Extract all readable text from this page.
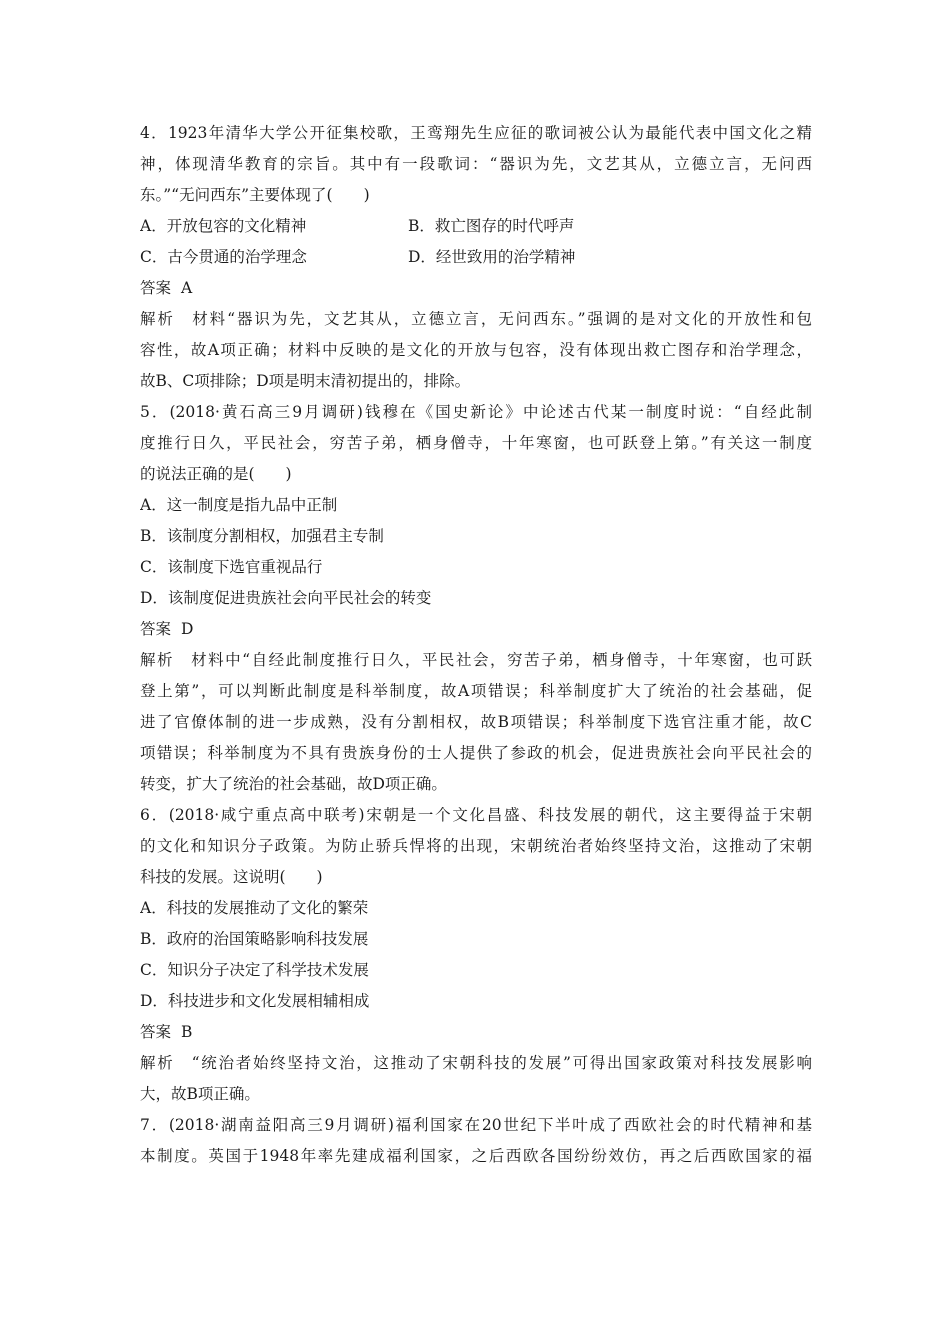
4．1923年清华大学公开征集校歌，王鸾翔先生应征的歌词被公认为最能代表中国文化之精
神，体现清华教育的宗旨。其中有一段歌词：“器识为先，文艺其从，立德立言，无问西
东。”“无问西东”主要体现了(　　)
A．开放包容的文化精神	B．救亡图存的时代呼声
C．古今贯通的治学理念	D．经世致用的治学精神
答案 A
解析　材料“器识为先，文艺其从，立德立言，无问西东。”强调的是对文化的开放性和包
容性，故A项正确；材料中反映的是文化的开放与包容，没有体现出救亡图存和治学理念，
故B、C项排除；D项是明末清初提出的，排除。
5．(2018·黄石高三9月调研)钱穆在《国史新论》中论述古代某一制度时说：“自经此制
度推行日久，平民社会，穷苦子弟，栖身僧寺，十年寒窗，也可跃登上第。”有关这一制度
的说法正确的是(　　)
A．这一制度是指九品中正制
B．该制度分割相权，加强君主专制
C．该制度下选官重视品行
D．该制度促进贵族社会向平民社会的转变
答案 D
解析　材料中“自经此制度推行日久，平民社会，穷苦子弟，栖身僧寺，十年寒窗，也可跃
登上第”，可以判断此制度是科举制度，故A项错误；科举制度扩大了统治的社会基础，促
进了官僚体制的进一步成熟，没有分割相权，故B项错误；科举制度下选官注重才能，故C
项错误；科举制度为不具有贵族身份的士人提供了参政的机会，促进贵族社会向平民社会的
转变，扩大了统治的社会基础，故D项正确。
6．(2018·咸宁重点高中联考)宋朝是一个文化昌盛、科技发展的朝代，这主要得益于宋朝
的文化和知识分子政策。为防止骄兵悍将的出现，宋朝统治者始终坚持文治，这推动了宋朝
科技的发展。这说明(　　)
A．科技的发展推动了文化的繁荣
B．政府的治国策略影响科技发展
C．知识分子决定了科学技术发展
D．科技进步和文化发展相辅相成
答案 B
解析　“统治者始终坚持文治，这推动了宋朝科技的发展”可得出国家政策对科技发展影响
大，故B项正确。
7．(2018·湖南益阳高三9月调研)福利国家在20世纪下半叶成了西欧社会的时代精神和基
本制度。英国于1948年率先建成福利国家，之后西欧各国纷纷效仿，再之后西欧国家的福
